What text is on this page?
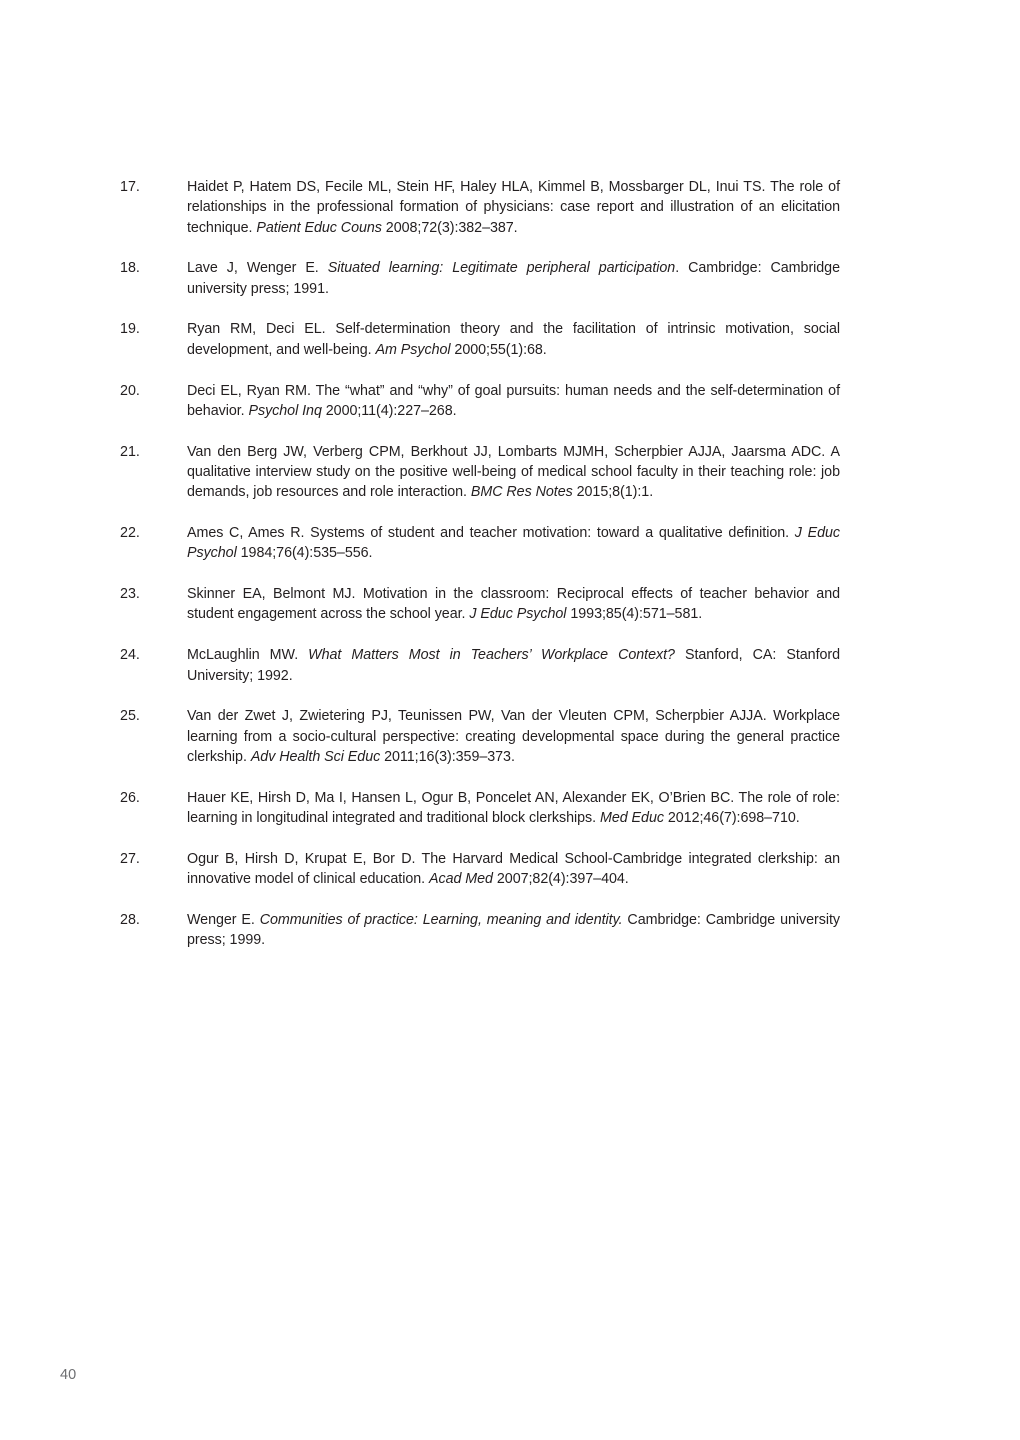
17.	Haidet P, Hatem DS, Fecile ML, Stein HF, Haley HLA, Kimmel B, Mossbarger DL, Inui TS. The role of relationships in the professional formation of physicians: case report and illustration of an elicitation technique. Patient Educ Couns 2008;72(3):382–387.
18.	Lave J, Wenger E. Situated learning: Legitimate peripheral participation. Cambridge: Cambridge university press; 1991.
19.	Ryan RM, Deci EL. Self-determination theory and the facilitation of intrinsic motivation, social development, and well-being. Am Psychol 2000;55(1):68.
20.	Deci EL, Ryan RM. The “what” and “why” of goal pursuits: human needs and the self-determination of behavior. Psychol Inq 2000;11(4):227–268.
21.	Van den Berg JW, Verberg CPM, Berkhout JJ, Lombarts MJMH, Scherpbier AJJA, Jaarsma ADC. A qualitative interview study on the positive well-being of medical school faculty in their teaching role: job demands, job resources and role interaction. BMC Res Notes 2015;8(1):1.
22.	Ames C, Ames R. Systems of student and teacher motivation: toward a qualitative definition. J Educ Psychol 1984;76(4):535–556.
23.	Skinner EA, Belmont MJ. Motivation in the classroom: Reciprocal effects of teacher behavior and student engagement across the school year. J Educ Psychol 1993;85(4):571–581.
24.	McLaughlin MW. What Matters Most in Teachers’ Workplace Context? Stanford, CA: Stanford University; 1992.
25.	Van der Zwet J, Zwietering PJ, Teunissen PW, Van der Vleuten CPM, Scherpbier AJJA. Workplace learning from a socio-cultural perspective: creating developmental space during the general practice clerkship. Adv Health Sci Educ 2011;16(3):359–373.
26.	Hauer KE, Hirsh D, Ma I, Hansen L, Ogur B, Poncelet AN, Alexander EK, O’Brien BC. The role of role: learning in longitudinal integrated and traditional block clerkships. Med Educ 2012;46(7):698–710.
27.	Ogur B, Hirsh D, Krupat E, Bor D. The Harvard Medical School-Cambridge integrated clerkship: an innovative model of clinical education. Acad Med 2007;82(4):397–404.
28.	Wenger E. Communities of practice: Learning, meaning and identity. Cambridge: Cambridge university press; 1999.
40
